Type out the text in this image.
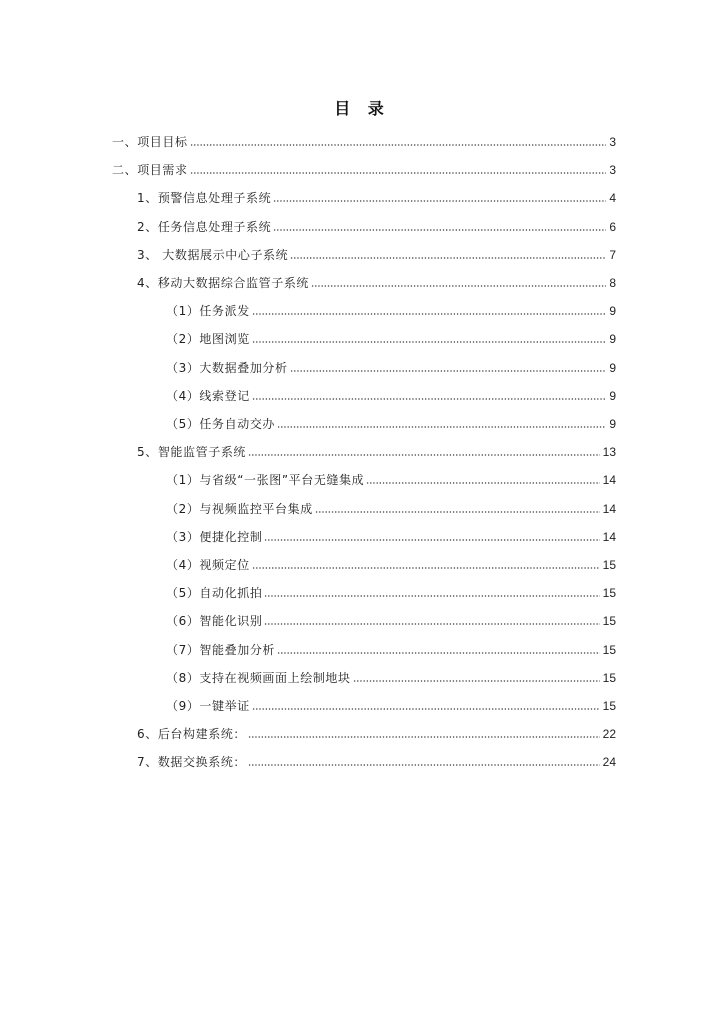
目 录
一、项目目标	3
二、项目需求	3
1、预警信息处理子系统	4
2、任务信息处理子系统	6
3、 大数据展示中心子系统	7
4、移动大数据综合监管子系统	8
（1）任务派发	9
（2）地图浏览	9
（3）大数据叠加分析	9
（4）线索登记	9
（5）任务自动交办	9
5、智能监管子系统	13
（1）与省级“一张图”平台无缝集成	14
（2）与视频监控平台集成	14
（3）便捷化控制	14
（4）视频定位	15
（5）自动化抓拍	15
（6）智能化识别	15
（7）智能叠加分析	15
（8）支持在视频画面上绘制地块	15
（9）一键举证	15
6、后台构建系统：	22
7、数据交换系统：	24
